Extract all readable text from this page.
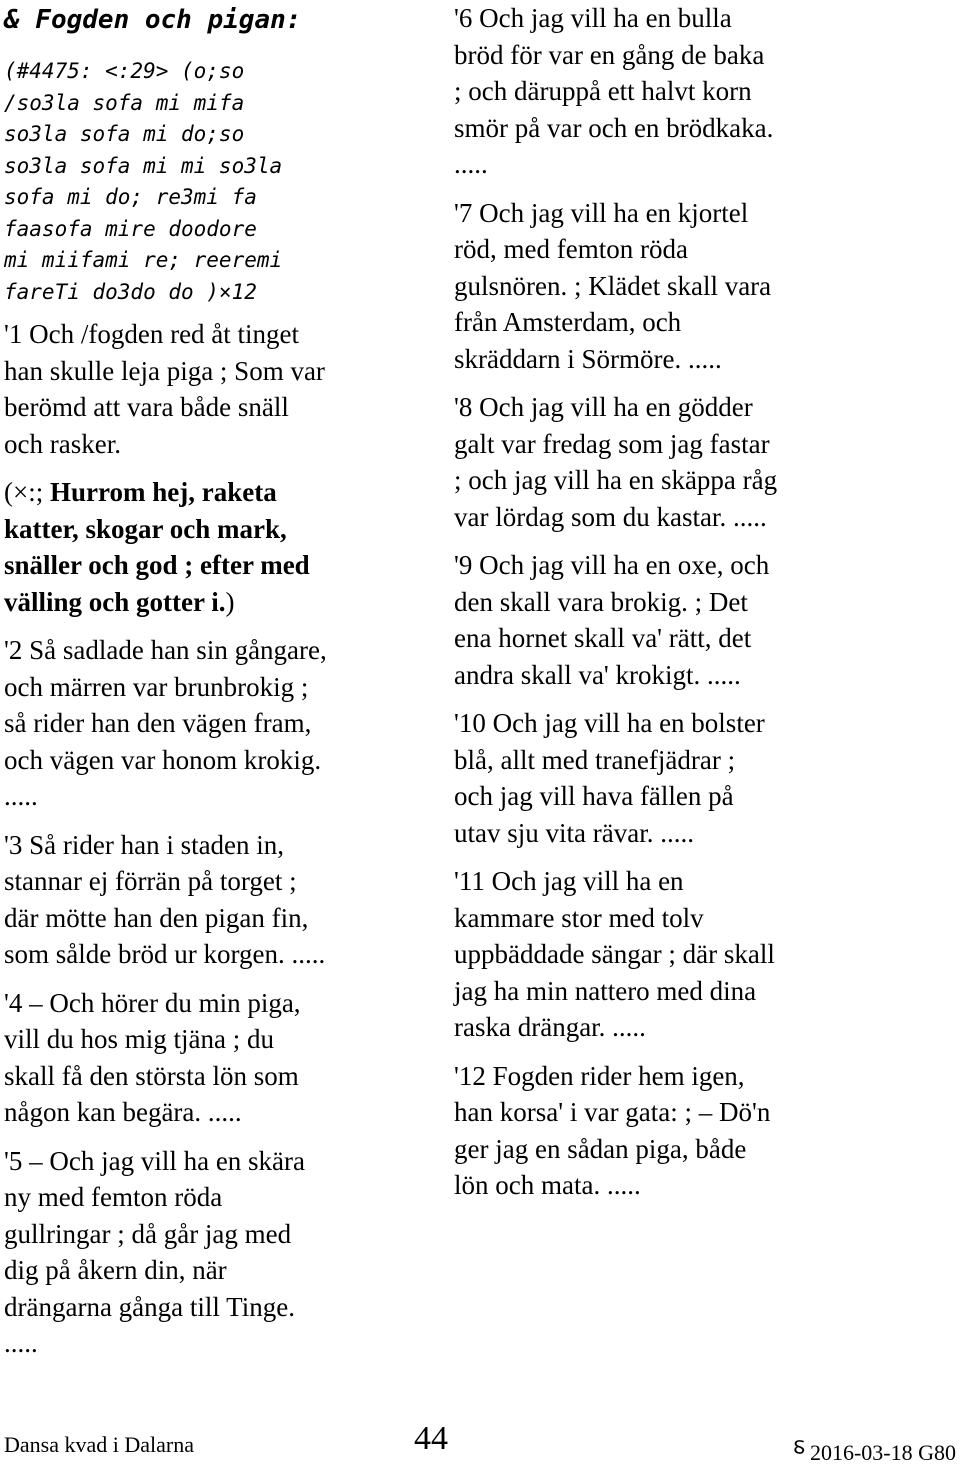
& Fogden och pigan:
(#4475: <:29> (o;so
/so3la sofa mi mifa
so3la sofa mi do;so
so3la sofa mi mi so3la
sofa mi do; re3mi fa
faasofa mire doodore
mi miifami re; reeremi
fareTi do3do do )×12
'1 Och /fogden red åt tinget
han skulle leja piga ; Som var
berömd att vara både snäll
och rasker.
(×:; Hurrom hej, raketa
katter, skogar och mark,
snäller och god ; efter med
välling och gotter i.)
'2 Så sadlade han sin gångare,
och märren var brunbrokig ;
så rider han den vägen fram,
och vägen var honom krokig.
.....
'3 Så rider han i staden in,
stannar ej förrän på torget ;
där mötte han den pigan fin,
som sålde bröd ur korgen. .....
'4 – Och hörer du min piga,
vill du hos mig tjäna ; du
skall få den största lön som
någon kan begära. .....
'5 – Och jag vill ha en skära
ny med femton röda
gullringar ; då går jag med
dig på åkern din, när
drängarna gånga till Tinge.
.....
'6 Och jag vill ha en bulla
bröd för var en gång de baka
; och däruppå ett halvt korn
smör på var och en brödkaka.
.....
'7 Och jag vill ha en kjortel
röd, med femton röda
gulsnören. ; Klädet skall vara
från Amsterdam, och
skräddarn i Sörmöre. .....
'8 Och jag vill ha en gödder
galt var fredag som jag fastar
; och jag vill ha en skäppa råg
var lördag som du kastar. .....
'9 Och jag vill ha en oxe, och
den skall vara brokig. ; Det
ena hornet skall va' rätt, det
andra skall va' krokigt. .....
'10 Och jag vill ha en bolster
blå, allt med tranefjädrar ;
och jag vill hava fällen på
utav sju vita rävar. .....
'11 Och jag vill ha en
kammare stor med tolv
uppbäddade sängar ; där skall
jag ha min nattero med dina
raska drängar. .....
'12 Fogden rider hem igen,
han korsa' i var gata: ; – Dö'n
ger jag en sådan piga, både
lön och mata. .....
Dansa kvad i Dalarna	44	⸹ 2016-03-18 G80
